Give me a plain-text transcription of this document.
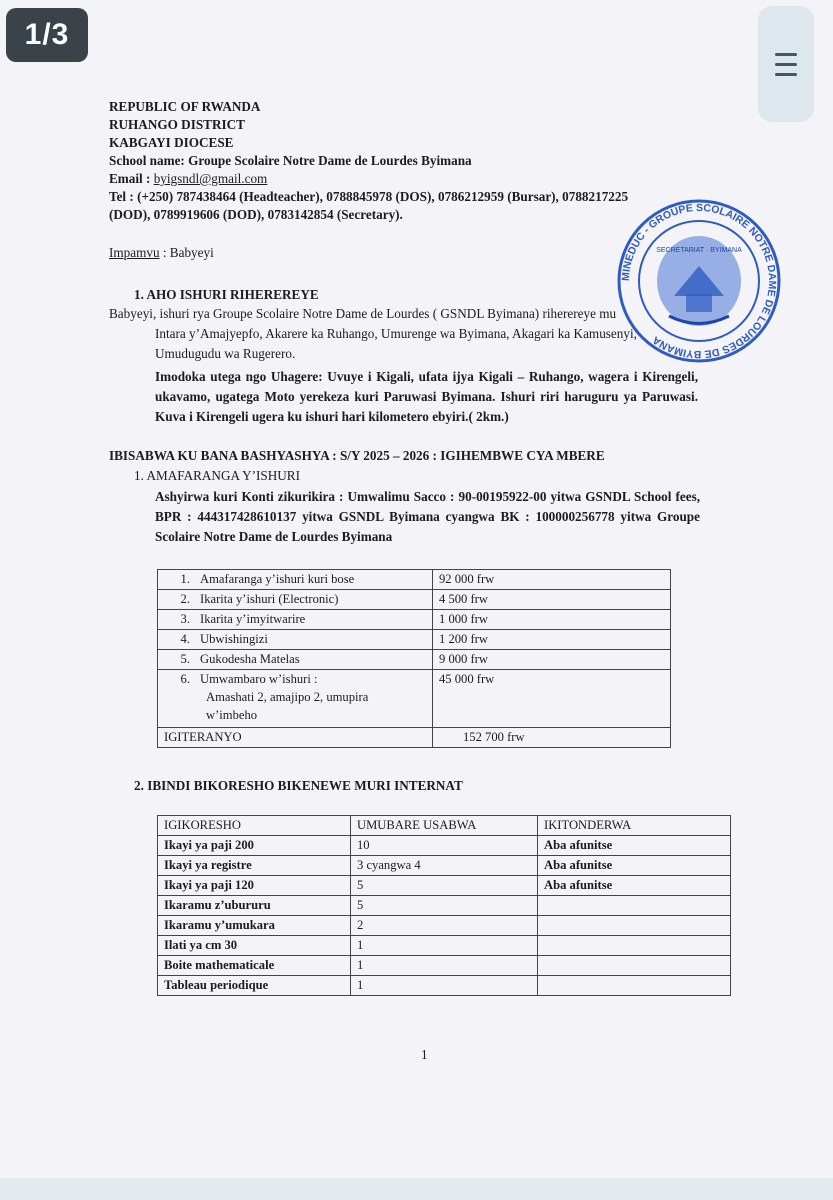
REPUBLIC OF RWANDA
RUHANGO DISTRICT
KABGAYI DIOCESE
School name: Groupe Scolaire Notre Dame de Lourdes Byimana
Email : byigsndl@gmail.com
Tel : (+250) 787438464 (Headteacher), 0788845978 (DOS), 0786212959 (Bursar), 0788217225
(DOD), 0789919606 (DOD), 0783142854 (Secretary).
MINEDUC - GROUPE SCOLAIRE NOTRE DAME DE LOURDES DE BYIMANA
SECRETARIAT · BYIMANA
Impamvu : Babyeyi
1. AHO ISHURI RIHEREREYE
Babyeyi, ishuri rya Groupe Scolaire Notre Dame de Lourdes ( GSNDL Byimana) riherereye mu
Intara y’Amajyepfo, Akarere ka Ruhango, Umurenge wa Byimana, Akagari ka Kamusenyi,
Umudugudu wa Rugerero.
Imodoka utega ngo Uhagere: Uvuye i Kigali, ufata ijya Kigali – Ruhango, wagera i Kirengeli, ukavamo, ugatega Moto yerekeza kuri Paruwasi Byimana. Ishuri riri haruguru ya Paruwasi. Kuva i Kirengeli ugera ku ishuri hari kilometero ebyiri.( 2km.)
IBISABWA KU BANA BASHYASHYA : S/Y 2025 – 2026 : IGIHEMBWE CYA MBERE
1. AMAFARANGA Y’ISHURI
Ashyirwa kuri Konti zikurikira : Umwalimu Sacco : 90-00195922-00 yitwa GSNDL School fees, BPR : 444317428610137 yitwa GSNDL Byimana cyangwa BK : 100000256778 yitwa Groupe Scolaire Notre Dame de Lourdes Byimana
1. Amafaranga y’ishuri kuri bose	92 000 frw
2. Ikarita y’ishuri (Electronic)	4 500 frw
3. Ikarita y’imyitwarire	1 000 frw
4. Ubwishingizi	1 200 frw
5. Gukodesha Matelas	9 000 frw

6. Umwambaro w’ishuri :
Amashati 2, amajipo 2, umupira
w’imbeho	45 000 frw
IGITERANYO	152 700 frw
2. IBINDI BIKORESHO BIKENEWE MURI INTERNAT
IGIKORESHO	UMUBARE USABWA	IKITONDERWA
Ikayi ya paji 200	10	Aba afunitse
Ikayi ya registre	3 cyangwa 4	Aba afunitse
Ikayi ya paji 120	5	Aba afunitse
Ikaramu z’ubururu	5	
Ikaramu y’umukara	2	
Ilati ya cm 30	1	
Boite mathematicale	1	
Tableau periodique	1	
1
1/3
